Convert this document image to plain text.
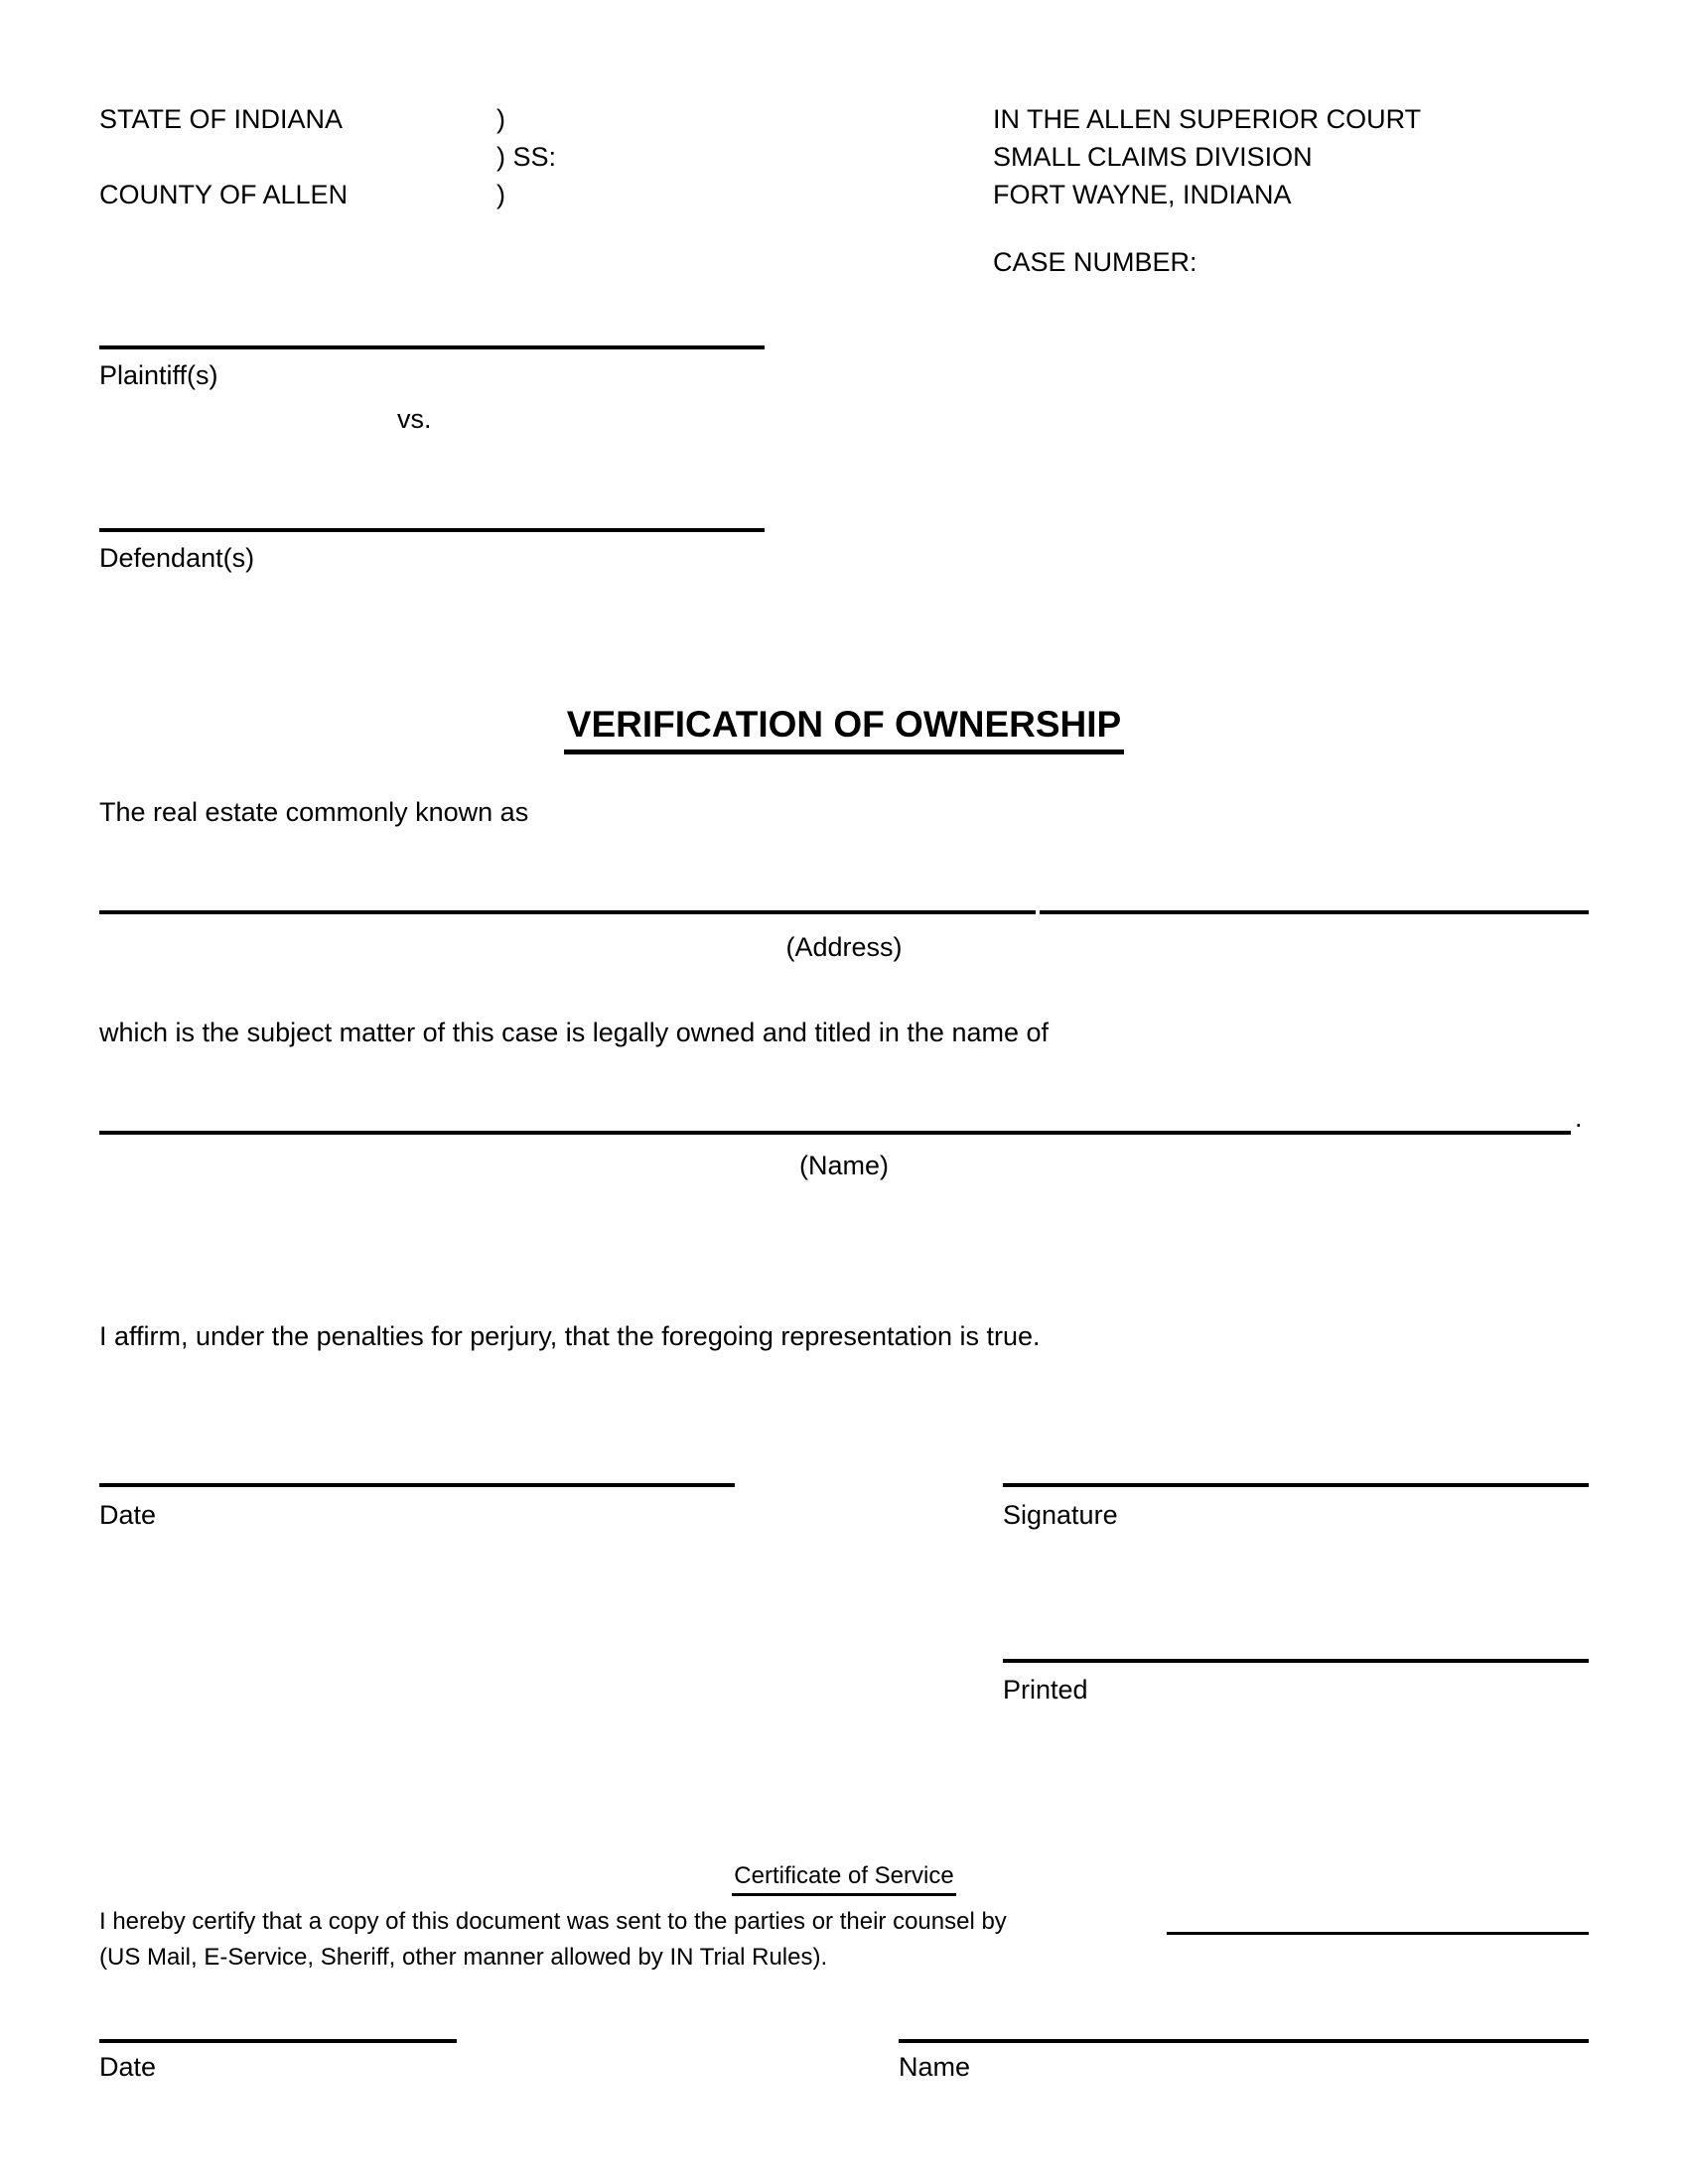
STATE OF INDIANA	)
) SS:
COUNTY OF ALLEN	)
IN THE ALLEN SUPERIOR COURT
SMALL CLAIMS DIVISION
FORT WAYNE, INDIANA
CASE NUMBER:
Plaintiff(s)
vs.
Defendant(s)
VERIFICATION OF OWNERSHIP
The real estate commonly known as
(Address)
which is the subject matter of this case is legally owned and titled in the name of
.
(Name)
I affirm, under the penalties for perjury, that the foregoing representation is true.
Date	Signature
Printed
Certificate of Service
I hereby certify that a copy of this document was sent to the parties or their counsel by
(US Mail, E-Service, Sheriff, other manner allowed by IN Trial Rules).
Date	Name
